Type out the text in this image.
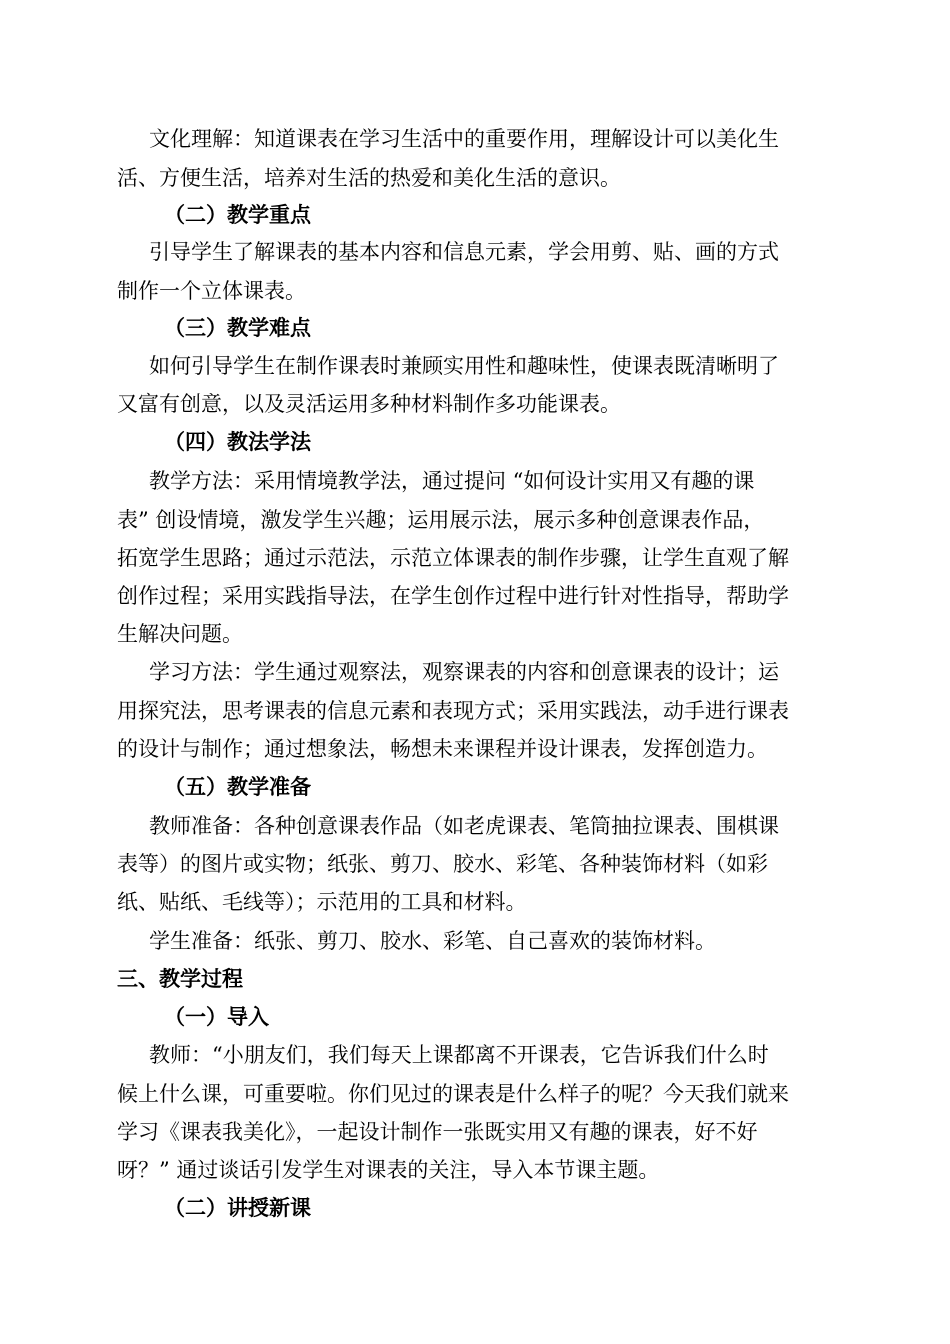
文化理解：知道课表在学习生活中的重要作用，理解设计可以美化生
活、方便生活，培养对生活的热爱和美化生活的意识。
（二）教学重点
引导学生了解课表的基本内容和信息元素，学会用剪、贴、画的方式
制作一个立体课表。
（三）教学难点
如何引导学生在制作课表时兼顾实用性和趣味性，使课表既清晰明了
又富有创意，以及灵活运用多种材料制作多功能课表。
（四）教法学法
教学方法：采用情境教学法，通过提问 “如何设计实用又有趣的课
表” 创设情境，激发学生兴趣；运用展示法，展示多种创意课表作品，
拓宽学生思路；通过示范法，示范立体课表的制作步骤，让学生直观了解
创作过程；采用实践指导法，在学生创作过程中进行针对性指导，帮助学
生解决问题。
学习方法：学生通过观察法，观察课表的内容和创意课表的设计；运
用探究法，思考课表的信息元素和表现方式；采用实践法，动手进行课表
的设计与制作；通过想象法，畅想未来课程并设计课表，发挥创造力。
（五）教学准备
教师准备：各种创意课表作品（如老虎课表、笔筒抽拉课表、围棋课
表等）的图片或实物；纸张、剪刀、胶水、彩笔、各种装饰材料（如彩
纸、贴纸、毛线等）；示范用的工具和材料。
学生准备：纸张、剪刀、胶水、彩笔、自己喜欢的装饰材料。
三、教学过程
（一）导入
教师：“小朋友们，我们每天上课都离不开课表，它告诉我们什么时
候上什么课，可重要啦。你们见过的课表是什么样子的呢？今天我们就来
学习《课表我美化》，一起设计制作一张既实用又有趣的课表，好不好
呀？” 通过谈话引发学生对课表的关注，导入本节课主题。
（二）讲授新课
